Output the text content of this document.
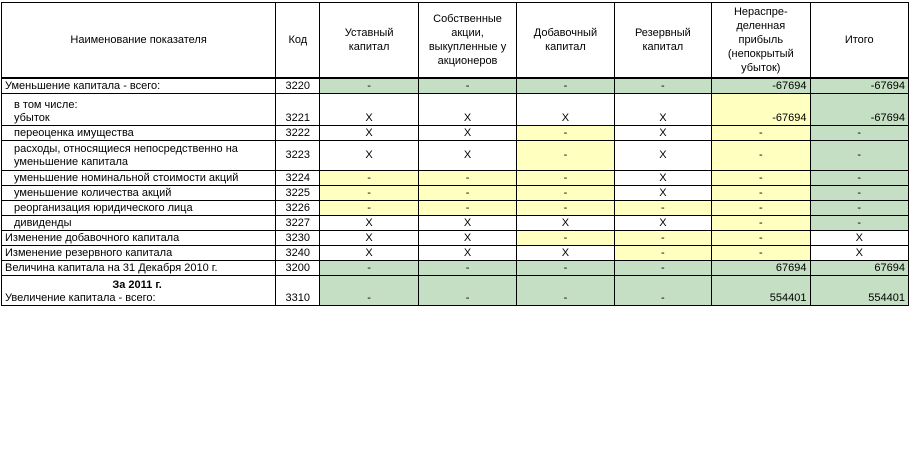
Наименование показателя	Код	Уставный капитал	Собственные акции, выкупленные у акционеров	Добавочный капитал	Резервный капитал	Нераспре-деленная прибыль (непокрытый убыток)	Итого
Уменьшение капитала - всего:	3220	-	-	-	-	-67694	-67694

в том числе:
убыток	3221	X	X	X	X	-67694	-67694
переоценка имущества	3222	X	X	-	X	-	-
расходы, относящиеся непосредственно на уменьшение капитала	3223	X	X	-	X	-	-
уменьшение номинальной стоимости акций	3224	-	-	-	X	-	-
уменьшение количества акций	3225	-	-	-	X	-	-
реорганизация юридического лица	3226	-	-	-	-	-	-
дивиденды	3227	X	X	X	X	-	-
Изменение добавочного капитала	3230	X	X	-	-	-	X
Изменение резервного капитала	3240	X	X	X	-	-	X
Величина капитала на 31 Декабря 2010 г.	3200	-	-	-	-	67694	67694

За 2011 г.
Увеличение капитала - всего:	3310	-	-	-	-	554401	554401
